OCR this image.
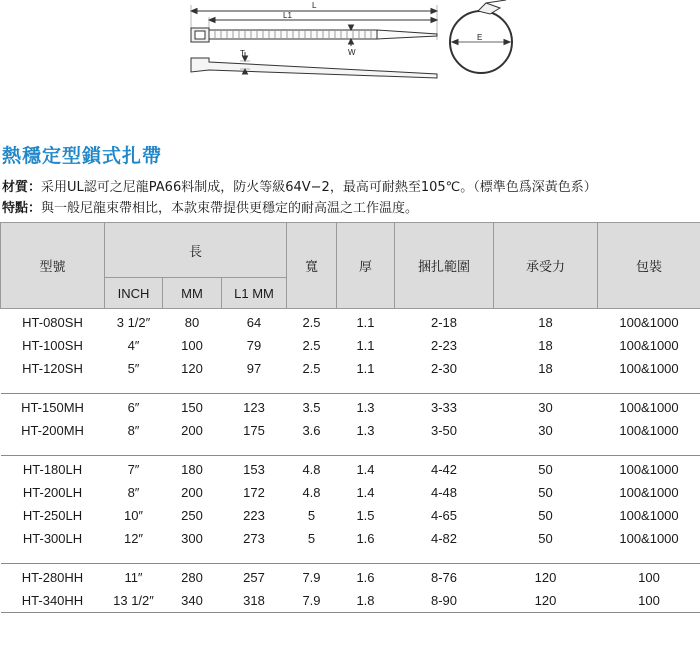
L
L1
T	W
E
熱穩定型鎖式扎帶
材質：采用UL認可之尼龍PA66料制成，防火等級64V−2，最高可耐熱至105℃。（標準色爲深黃色系）
特點：與一般尼龍束帶相比，本款束帶提供更穩定的耐高温之工作温度。
型號	長			寬	厚	捆扎範圍	承受力	包裝
	INCH	MM	L1 MM					
HT-080SH	3 1/2″	80	64	2.5	1.1	2-18	18	100&1000
HT-100SH	4″	100	79	2.5	1.1	2-23	18	100&1000
HT-120SH	5″	120	97	2.5	1.1	2-30	18	100&1000

HT-150MH	6″	150	123	3.5	1.3	3-33	30	100&1000
HT-200MH	8″	200	175	3.6	1.3	3-50	30	100&1000

HT-180LH	7″	180	153	4.8	1.4	4-42	50	100&1000
HT-200LH	8″	200	172	4.8	1.4	4-48	50	100&1000
HT-250LH	10″	250	223	5	1.5	4-65	50	100&1000
HT-300LH	12″	300	273	5	1.6	4-82	50	100&1000

HT-280HH	11″	280	257	7.9	1.6	8-76	120	100
HT-340HH	13 1/2″	340	318	7.9	1.8	8-90	120	100
